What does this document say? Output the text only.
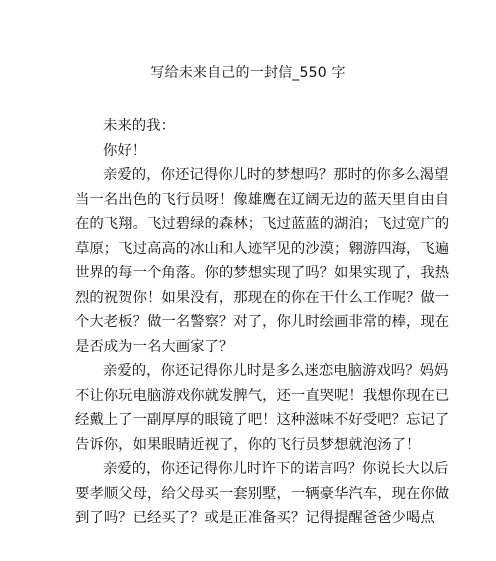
写给未来自己的一封信_550 字
未来的我：
你好！
亲爱的，你还记得你儿时的梦想吗？那时的你多么渴望
当一名出色的飞行员呀！像雄鹰在辽阔无边的蓝天里自由自
在的飞翔。飞过碧绿的森林；飞过蓝蓝的湖泊；飞过宽广的
草原；飞过高高的冰山和人迹罕见的沙漠；翱游四海，飞遍
世界的每一个角落。你的梦想实现了吗？如果实现了，我热
烈的祝贺你！如果没有，那现在的你在干什么工作呢？做一
个大老板？做一名警察？对了，你儿时绘画非常的棒，现在
是否成为一名大画家了？
亲爱的，你还记得你儿时是多么迷恋电脑游戏吗？妈妈
不让你玩电脑游戏你就发脾气，还一直哭呢！我想你现在已
经戴上了一副厚厚的眼镜了吧！这种滋味不好受吧？忘记了
告诉你，如果眼睛近视了，你的飞行员梦想就泡汤了！
亲爱的，你还记得你儿时许下的诺言吗？你说长大以后
要孝顺父母，给父母买一套别墅，一辆豪华汽车，现在你做
到了吗？已经买了？或是正准备买？记得提醒爸爸少喝点
